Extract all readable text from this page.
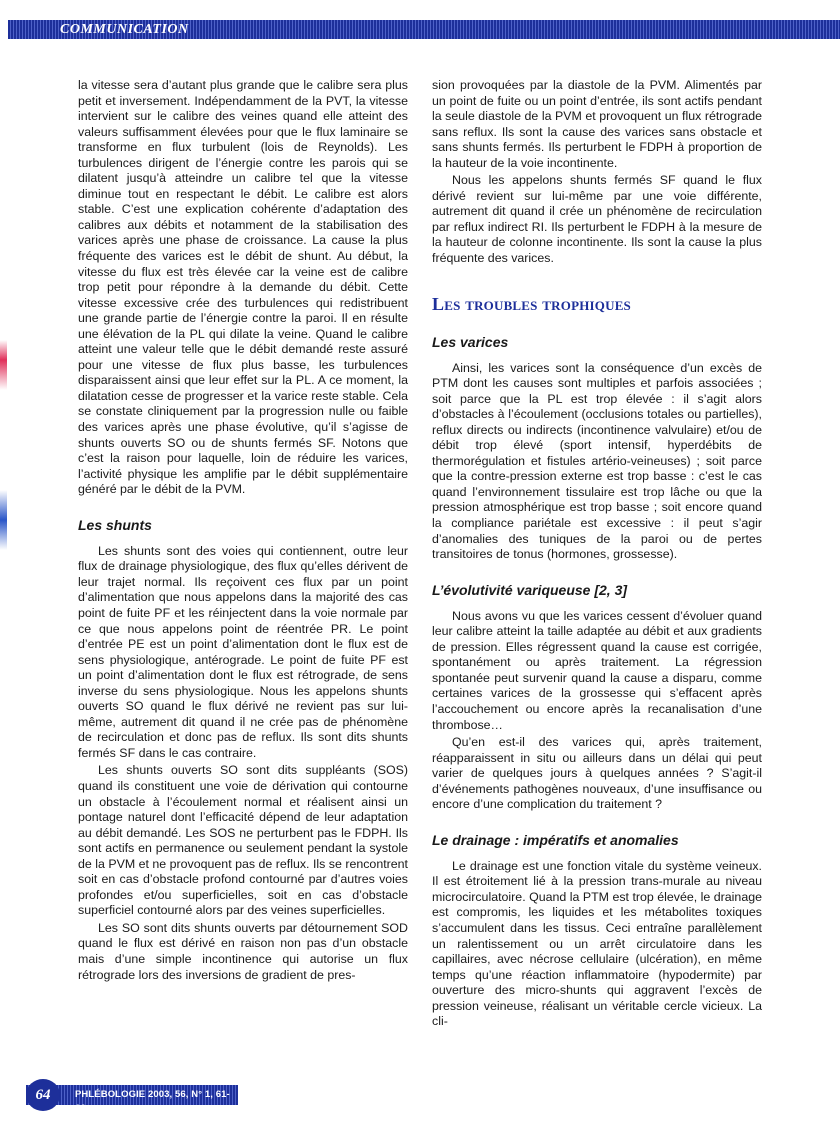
COMMUNICATION

la vitesse sera d’autant plus grande que le calibre sera plus petit et inversement. Indépendamment de la PVT, la vitesse intervient sur le calibre des veines quand elle atteint des valeurs suffisamment élevées pour que le flux laminaire se transforme en flux turbulent (lois de Reynolds). Les turbulences dirigent de l’énergie contre les parois qui se dilatent jusqu’à atteindre un calibre tel que la vitesse diminue tout en respectant le débit. Le calibre est alors stable. C’est une explication cohérente d’adaptation des calibres aux débits et notamment de la stabilisation des varices après une phase de croissance. La cause la plus fréquente des varices est le débit de shunt. Au début, la vitesse du flux est très élevée car la veine est de calibre trop petit pour répondre à la demande du débit. Cette vitesse excessive crée des turbulences qui redistribuent une grande partie de l’énergie contre la paroi. Il en résulte une élévation de la PL qui dilate la veine. Quand le calibre atteint une valeur telle que le débit demandé reste assuré pour une vitesse de flux plus basse, les turbulences disparaissent ainsi que leur effet sur la PL. A ce moment, la dilatation cesse de progresser et la varice reste stable. Cela se constate cliniquement par la progression nulle ou faible des varices après une phase évolutive, qu’il s’agisse de shunts ouverts SO ou de shunts fermés SF. Notons que c’est la raison pour laquelle, loin de réduire les varices, l’activité physique les amplifie par le débit supplémentaire généré par le débit de la PVM.

Les shunts

Les shunts sont des voies qui contiennent, outre leur flux de drainage physiologique, des flux qu’elles dérivent de leur trajet normal. Ils reçoivent ces flux par un point d’alimentation que nous appelons dans la majorité des cas point de fuite PF et les réinjectent dans la voie normale par ce que nous appelons point de réentrée PR. Le point d’entrée PE est un point d’alimentation dont le flux est de sens physiologique, antérograde. Le point de fuite PF est un point d’alimentation dont le flux est rétrograde, de sens inverse du sens physiologique. Nous les appelons shunts ouverts SO quand le flux dérivé ne revient pas sur lui-même, autrement dit quand il ne crée pas de phénomène de recirculation et donc pas de reflux. Ils sont dits shunts fermés SF dans le cas contraire.

Les shunts ouverts SO sont dits suppléants (SOS) quand ils constituent une voie de dérivation qui contourne un obstacle à l’écoulement normal et réalisent ainsi un pontage naturel dont l’efficacité dépend de leur adaptation au débit demandé. Les SOS ne perturbent pas le FDPH. Ils sont actifs en permanence ou seulement pendant la systole de la PVM et ne provoquent pas de reflux. Ils se rencontrent soit en cas d’obstacle profond contourné par d’autres voies profondes et/ou superficielles, soit en cas d’obstacle superficiel contourné alors par des veines superficielles.

Les SO sont dits shunts ouverts par détournement SOD quand le flux est dérivé en raison non pas d’un obstacle mais d’une simple incontinence qui autorise un flux rétrograde lors des inversions de gradient de pres-

sion provoquées par la diastole de la PVM. Alimentés par un point de fuite ou un point d’entrée, ils sont actifs pendant la seule diastole de la PVM et provoquent un flux rétrograde sans reflux. Ils sont la cause des varices sans obstacle et sans shunts fermés. Ils perturbent le FDPH à proportion de la hauteur de la voie incontinente.

Nous les appelons shunts fermés SF quand le flux dérivé revient sur lui-même par une voie différente, autrement dit quand il crée un phénomène de recirculation par reflux indirect RI. Ils perturbent le FDPH à la mesure de la hauteur de colonne incontinente. Ils sont la cause la plus fréquente des varices.

Les troubles trophiques
Les varices

Ainsi, les varices sont la conséquence d’un excès de PTM dont les causes sont multiples et parfois associées ; soit parce que la PL est trop élevée : il s’agit alors d’obstacles à l’écoulement (occlusions totales ou partielles), reflux directs ou indirects (incontinence valvulaire) et/ou de débit trop élevé (sport intensif, hyperdébits de thermorégulation et fistules artério-veineuses) ; soit parce que la contre-pression externe est trop basse : c’est le cas quand l’environnement tissulaire est trop lâche ou que la pression atmosphérique est trop basse ; soit encore quand la compliance pariétale est excessive : il peut s’agir d’anomalies des tuniques de la paroi ou de pertes transitoires de tonus (hormones, grossesse).

L’évolutivité variqueuse [2, 3]

Nous avons vu que les varices cessent d’évoluer quand leur calibre atteint la taille adaptée au débit et aux gradients de pression. Elles régressent quand la cause est corrigée, spontanément ou après traitement. La régression spontanée peut survenir quand la cause a disparu, comme certaines varices de la grossesse qui s’effacent après l’accouchement ou encore après la recanalisation d’une thrombose…

Qu’en est-il des varices qui, après traitement, réapparaissent in situ ou ailleurs dans un délai qui peut varier de quelques jours à quelques années ? S’agit-il d’événements pathogènes nouveaux, d’une insuffisance ou encore d’une complication du traitement ?

Le drainage : impératifs et anomalies

Le drainage est une fonction vitale du système veineux. Il est étroitement lié à la pression trans-murale au niveau microcirculatoire. Quand la PTM est trop élevée, le drainage est compromis, les liquides et les métabolites toxiques s’accumulent dans les tissus. Ceci entraîne parallèlement un ralentissement ou un arrêt circulatoire dans les capillaires, avec nécrose cellulaire (ulcération), en même temps qu’une réaction inflammatoire (hypodermite) par ouverture des micro-shunts qui aggravent l’excès de pression veineuse, réalisant un véritable cercle vicieux. La cli-

PHLÉBOLOGIE 2003, 56, N° 1, 61-66
64
